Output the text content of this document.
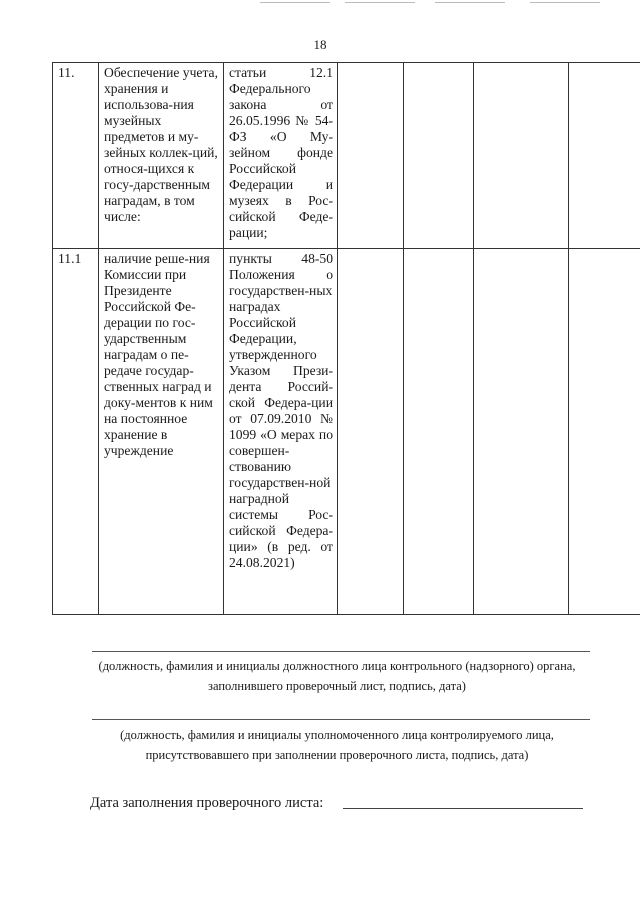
18
11.	Обеспечение учета, хранения и использова-ния музейных предметов и му-зейных коллек-ций, относя-щихся к госу-дарственным наградам, в том числе:	статьи 12.1 Федерального закона от 26.05.1996 № 54-ФЗ «О Му-зейном фонде Российской Федерации и музеях в Рос-сийской Феде-рации;				
11.1	наличие реше-ния Комиссии при Президенте Российской Фе-дерации по гос-ударственным наградам о пе-редаче государ-ственных наград и доку-ментов к ним на постоянное хранение в учреждение	пункты 48-50 Положения о государствен-ных наградах Российской Федерации, утвержденного Указом Прези-дента Россий-ской Федера-ции от 07.09.2010 № 1099 «О мерах по совершен-ствованию государствен-ной наградной системы Рос-сийской Федера-ции» (в ред. от 24.08.2021)				
(должность, фамилия и инициалы должностного лица контрольного (надзорного) органа, заполнившего проверочный лист, подпись, дата)
(должность, фамилия и инициалы уполномоченного лица контролируемого лица, присутствовавшего при заполнении проверочного листа, подпись, дата)
Дата заполнения проверочного листа:
